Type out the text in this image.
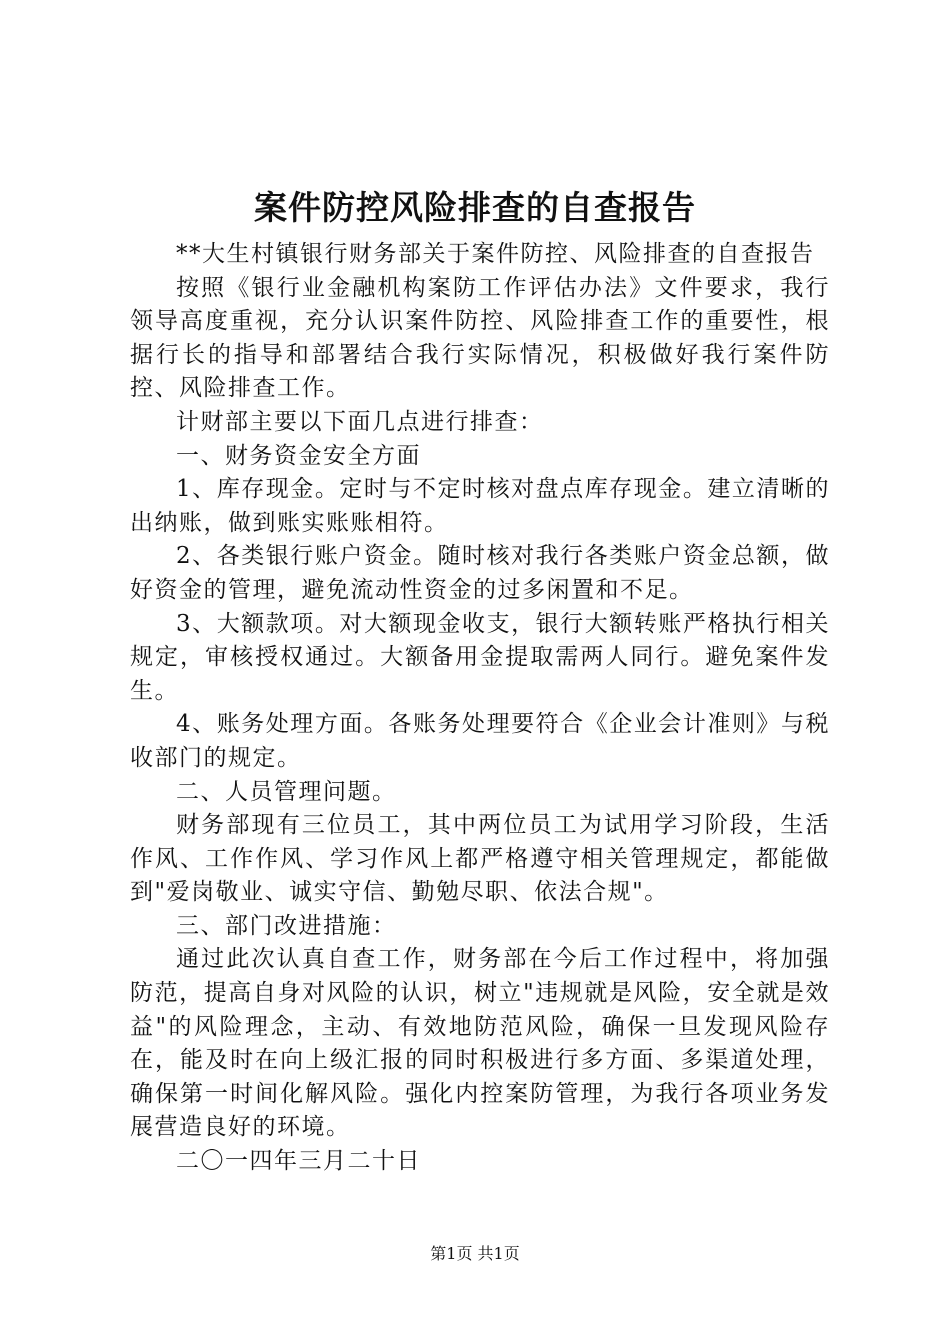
案件防控风险排查的自查报告

**大生村镇银行财务部关于案件防控、风险排查的自查报告

按照《银行业金融机构案防工作评估办法》文件要求，我行领导高度重视，充分认识案件防控、风险排查工作的重要性，根据行长的指导和部署结合我行实际情况，积极做好我行案件防控、风险排查工作。

计财部主要以下面几点进行排查：

一、财务资金安全方面

1、库存现金。定时与不定时核对盘点库存现金。建立清晰的出纳账，做到账实账账相符。

2、各类银行账户资金。随时核对我行各类账户资金总额，做好资金的管理，避免流动性资金的过多闲置和不足。

3、大额款项。对大额现金收支，银行大额转账严格执行相关规定，审核授权通过。大额备用金提取需两人同行。避免案件发生。

4、账务处理方面。各账务处理要符合《企业会计准则》与税收部门的规定。

二、人员管理问题。

财务部现有三位员工，其中两位员工为试用学习阶段，生活作风、工作作风、学习作风上都严格遵守相关管理规定，都能做到"爱岗敬业、诚实守信、勤勉尽职、依法合规"。

三、部门改进措施：

通过此次认真自查工作，财务部在今后工作过程中，将加强防范，提高自身对风险的认识，树立"违规就是风险，安全就是效益"的风险理念，主动、有效地防范风险，确保一旦发现风险存在，能及时在向上级汇报的同时积极进行多方面、多渠道处理，确保第一时间化解风险。强化内控案防管理，为我行各项业务发展营造良好的环境。

二〇一四年三月二十日

第1页 共1页
